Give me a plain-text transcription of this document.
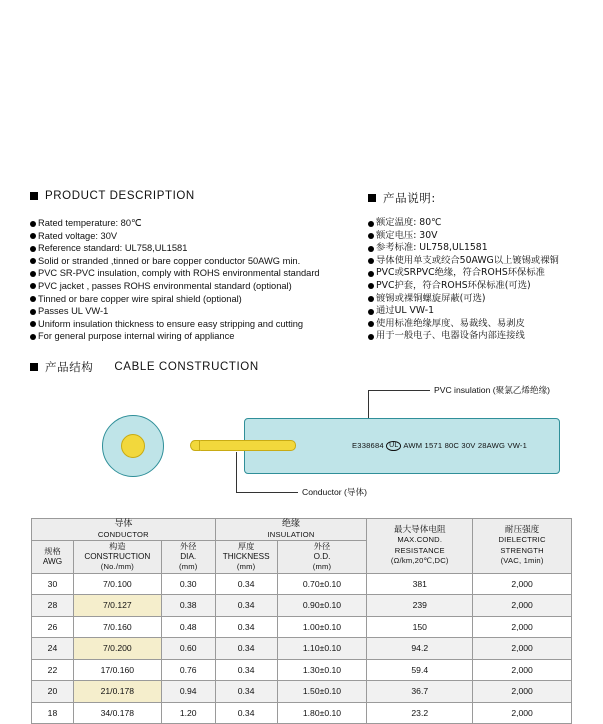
PRODUCT DESCRIPTION	产品说明:
Rated temperature: 80℃
Rated voltage: 30V
Reference standard: UL758,UL1581
Solid or stranded ,tinned or bare copper conductor 50AWG min.
PVC SR-PVC insulation, comply with ROHS environmental standard
PVC jacket , passes ROHS environmental standard (optional)
Tinned or bare copper wire spiral shield (optional)
Passes UL VW-1
Uniform insulation thickness to ensure easy stripping and cutting
For general purpose internal wiring of appliance
额定温度: 80℃
额定电压: 30V
参考标准: UL758,UL1581
导体使用单支或绞合50AWG以上镀锡或裸铜
PVC或SRPVC绝缘，符合ROHS环保标准
PVC护套，符合ROHS环保标准(可选)
镀锡或裸铜螺旋屏蔽(可选)
通过UL VW-1
使用标准绝缘厚度、易裁线、易剥皮
用于一般电子、电器设备内部连接线
产品结构 CABLE CONSTRUCTION
E338684 UL AWM 1571 80C 30V 28AWG VW-1
PVC insulation (聚氯乙烯绝缘)
Conductor (导体)
导体
CONDUCTOR

绝缘
INSULATION	最大导体电阻
MAX.COND.
RESISTANCE
(Ω/km,20℃,DC)

耐压强度
DIELECTRIC
STRENGTH
(VAC, 1min)

规格
AWG

构造
CONSTRUCTION
(No./mm)

外径
DIA.
(mm)

厚度
THICKNESS
(mm)

外径
O.D.
(mm)

30	7/0.100	0.30	0.34	0.70±0.10	381	2,000
28	7/0.127	0.38	0.34	0.90±0.10	239	2,000
26	7/0.160	0.48	0.34	1.00±0.10	150	2,000
24	7/0.200	0.60	0.34	1.10±0.10	94.2	2,000
22	17/0.160	0.76	0.34	1.30±0.10	59.4	2,000
20	21/0.178	0.94	0.34	1.50±0.10	36.7	2,000
18	34/0.178	1.20	0.34	1.80±0.10	23.2	2,000
